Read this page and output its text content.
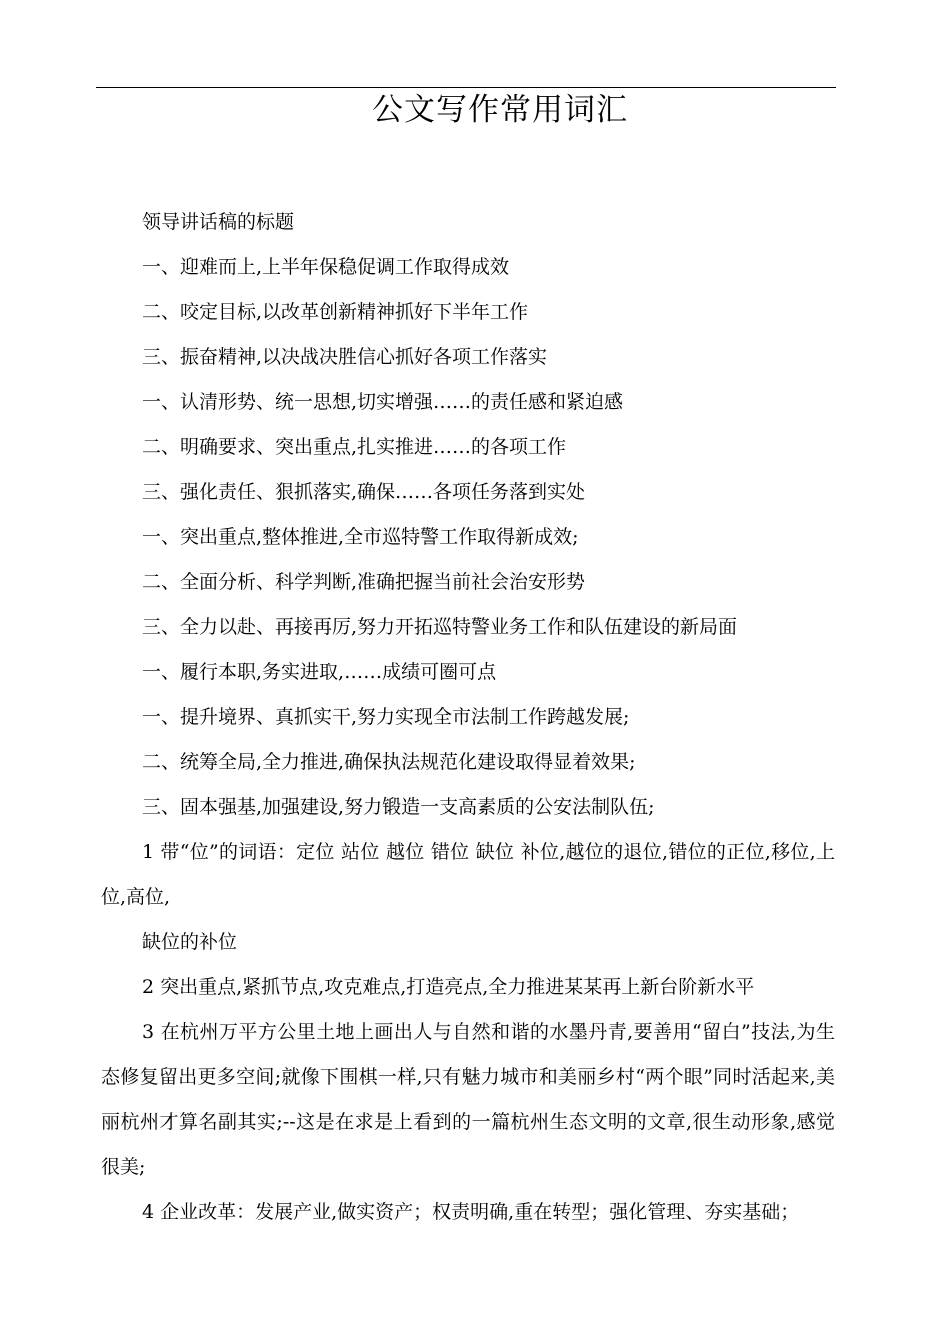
公文写作常用词汇

领导讲话稿的标题

一、迎难而上,上半年保稳促调工作取得成效

二、咬定目标,以改革创新精神抓好下半年工作

三、振奋精神,以决战决胜信心抓好各项工作落实

一、认清形势、统一思想,切实增强……的责任感和紧迫感

二、明确要求、突出重点,扎实推进……的各项工作

三、强化责任、狠抓落实,确保……各项任务落到实处

一、突出重点,整体推进,全市巡特警工作取得新成效;

二、全面分析、科学判断,准确把握当前社会治安形势

三、全力以赴、再接再厉,努力开拓巡特警业务工作和队伍建设的新局面

一、履行本职,务实进取,……成绩可圈可点

一、提升境界、真抓实干,努力实现全市法制工作跨越发展;

二、统筹全局,全力推进,确保执法规范化建设取得显着效果;

三、固本强基,加强建设,努力锻造一支高素质的公安法制队伍;

1 带“位”的词语：定位 站位 越位 错位 缺位 补位,越位的退位,错位的正位,移位,上位,高位,

缺位的补位

2 突出重点,紧抓节点,攻克难点,打造亮点,全力推进某某再上新台阶新水平

3 在杭州万平方公里土地上画出人与自然和谐的水墨丹青,要善用“留白”技法,为生态修复留出更多空间;就像下围棋一样,只有魅力城市和美丽乡村“两个眼”同时活起来,美丽杭州才算名副其实;--这是在求是上看到的一篇杭州生态文明的文章,很生动形象,感觉很美;

4 企业改革：发展产业,做实资产；权责明确,重在转型；强化管理、夯实基础；
